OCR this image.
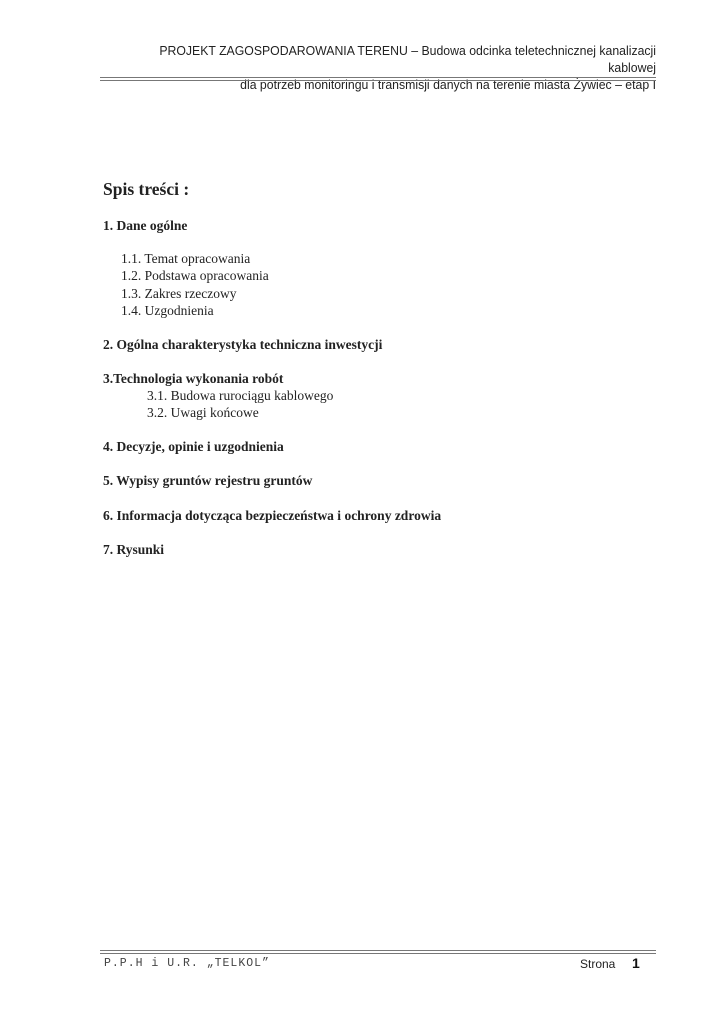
PROJEKT ZAGOSPODAROWANIA TERENU – Budowa odcinka teletechnicznej kanalizacji kablowej
dla potrzeb monitoringu i transmisji danych na terenie miasta Żywiec – etap I
Spis treści :
1. Dane ogólne
1.1. Temat opracowania
1.2. Podstawa opracowania
1.3. Zakres rzeczowy
1.4. Uzgodnienia
2. Ogólna charakterystyka techniczna inwestycji
3.Technologia wykonania robót
3.1. Budowa rurociągu kablowego
3.2. Uwagi końcowe
4. Decyzje, opinie i uzgodnienia
5. Wypisy gruntów rejestru gruntów
6. Informacja dotycząca bezpieczeństwa i ochrony zdrowia
7. Rysunki
P.P.H i U.R. „TELKOL”	Strona 1
